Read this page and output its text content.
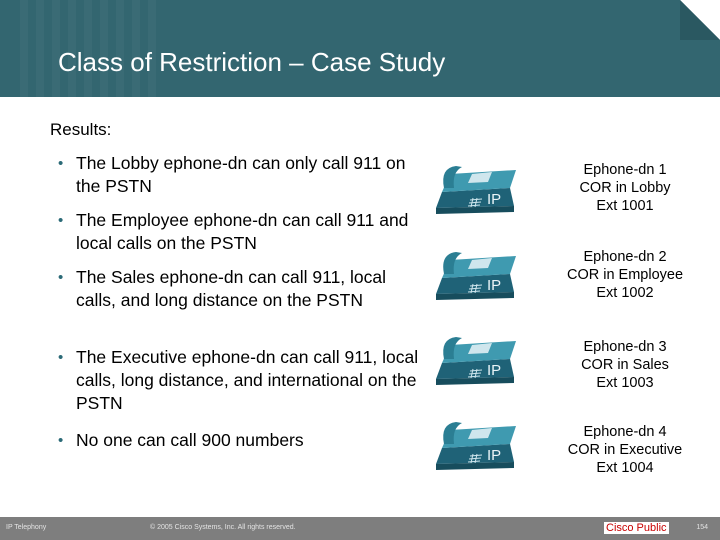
Class of Restriction – Case Study
Results:
• The Lobby ephone-dn can only call 911 on the PSTN
• The Employee ephone-dn can call 911 and local calls on the PSTN
• The Sales ephone-dn can call 911, local calls, and long distance on the PSTN
• The Executive ephone-dn can call 911, local calls, long distance, and international on the PSTN
• No one can call 900 numbers
IP
IP
IP
IP
Ephone-dn 1
COR in Lobby
Ext 1001
Ephone-dn 2
COR in Employee
Ext 1002
Ephone-dn 3
COR in Sales
Ext 1003
Ephone-dn 4
COR in Executive
Ext 1004
IP Telephony	© 2005 Cisco Systems, Inc. All rights reserved.	Cisco Public	154
